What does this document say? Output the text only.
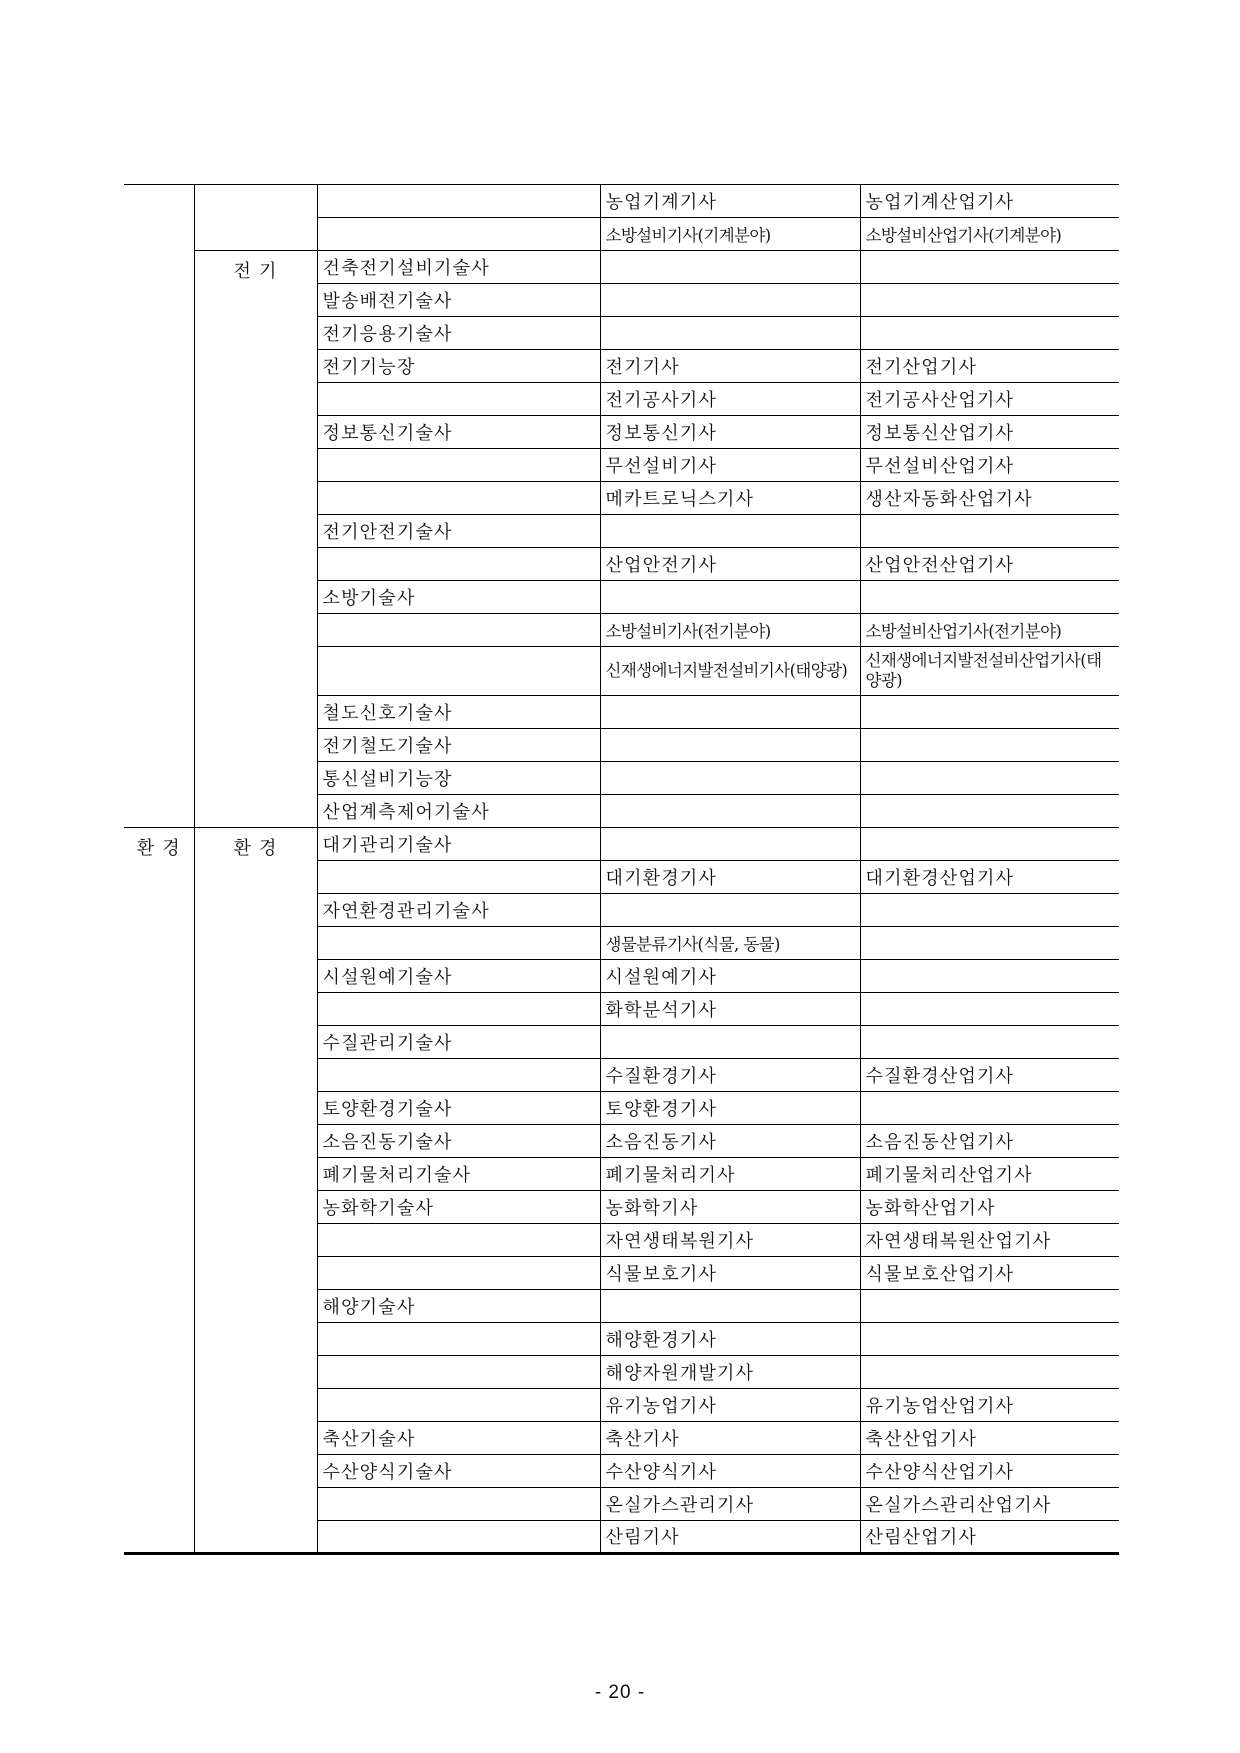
			농업기계기사	농업기계산업기사
			소방설비기사(기계분야)	소방설비산업기사(기계분야)
	전 기	건축전기설비기술사		
		발송배전기술사		
		전기응용기술사		
		전기기능장	전기기사	전기산업기사
			전기공사기사	전기공사산업기사
		정보통신기술사	정보통신기사	정보통신산업기사
			무선설비기사	무선설비산업기사
			메카트로닉스기사	생산자동화산업기사
		전기안전기술사		
			산업안전기사	산업안전산업기사
		소방기술사		
			소방설비기사(전기분야)	소방설비산업기사(전기분야)
			신재생에너지발전설비기사(태양광)	신재생에너지발전설비산업기사(태양광)
		철도신호기술사		
		전기철도기술사		
		통신설비기능장		
		산업계측제어기술사		
환 경	환 경	대기관리기술사		
			대기환경기사	대기환경산업기사
		자연환경관리기술사		
			생물분류기사(식물, 동물)	
		시설원예기술사	시설원예기사	
			화학분석기사	
		수질관리기술사		
			수질환경기사	수질환경산업기사
		토양환경기술사	토양환경기사	
		소음진동기술사	소음진동기사	소음진동산업기사
		폐기물처리기술사	폐기물처리기사	폐기물처리산업기사
		농화학기술사	농화학기사	농화학산업기사
			자연생태복원기사	자연생태복원산업기사
			식물보호기사	식물보호산업기사
		해양기술사		
			해양환경기사	
			해양자원개발기사	
			유기농업기사	유기농업산업기사
		축산기술사	축산기사	축산산업기사
		수산양식기술사	수산양식기사	수산양식산업기사
			온실가스관리기사	온실가스관리산업기사
			산림기사	산림산업기사
- 20 -
